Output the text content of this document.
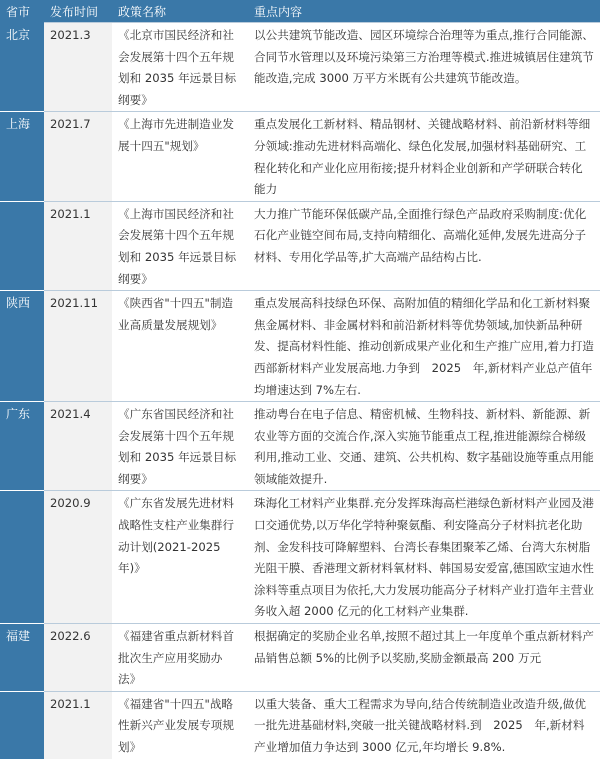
省市	发布时间	政策名称	重点内容
北京	2021.3	《北京市国民经济和社会发展第十四个五年规划和 2035 年远景目标纲要》	以公共建筑节能改造、园区环境综合治理等为重点,推行合同能源、合同节水管理以及环境污染第三方治理等模式.推进城镇居住建筑节能改造,完成 3000 万平方米既有公共建筑节能改造。
上海	2021.7	《上海市先进制造业发展十四五"规划》	重点发展化工新材料、精品钢材、关键战略材料、前沿新材料等细分领域:推动先进材料高端化、绿色化发展,加强材料基础研究、工程化转化和产业化应用衔接;提升材料企业创新和产学研联合转化能力
	2021.1	《上海市国民经济和社会发展第十四个五年规划和 2035 年远景目标纲要》	大力推广节能环保低碳产品,全面推行绿色产品政府采购制度:优化石化产业链空间布局,支持向精细化、高端化延伸,发展先进高分子材料、专用化学品等,扩大高端产品结构占比.
陕西	2021.11	《陕西省"十四五"制造业高质量发展规划》	重点发展高科技绿色环保、高附加值的精细化学品和化工新材料聚焦金属材料、非金属材料和前沿新材料等优势领域,加快新品种研发、提高材料性能、推动创新成果产业化和生产推广应用,着力打造西部新材料产业发展高地.力争到　2025　年,新材料产业总产值年均增速达到 7%左右.
广东	2021.4	《广东省国民经济和社会发展第十四个五年规划和 2035 年远景目标纲要》	推动粤台在电子信息、精密机械、生物科技、新材料、新能源、新农业等方面的交流合作,深入实施节能重点工程,推进能源综合梯级利用,推动工业、交通、建筑、公共机构、数字基础设施等重点用能领域能效提升.
	2020.9	《广东省发展先进材料战略性支柱产业集群行动计划(2021-2025 年)》	珠海化工材料产业集群.充分发挥珠海高栏港绿色新材料产业园及港口交通优势,以万华化学特种聚氨酯、利安隆高分子材料抗老化助剂、金发科技可降解塑料、台湾长春集团聚苯乙烯、台湾大东树脂光阻干膜、香港理文新材料氧材料、韩国易安爱富,德国欧宝迪水性涂料等重点项目为依托,大力发展功能高分子材料产业打造年主营业务收入超 2000 亿元的化工材料产业集群.
福建	2022.6	《福建省重点新材料首批次生产应用奖励办法》	根据确定的奖励企业名单,按照不超过其上一年度单个重点新材料产品销售总额 5%的比例予以奖励,奖励金额最高 200 万元
	2021.1	《福建省"十四五"战略性新兴产业发展专项规划》	以重大装备、重大工程需求为导向,结合传统制造业改造升级,做优一批先进基础材料,突破一批关键战略材料.到　2025　年,新材料产业增加值力争达到 3000 亿元,年均增长 9.8%.
